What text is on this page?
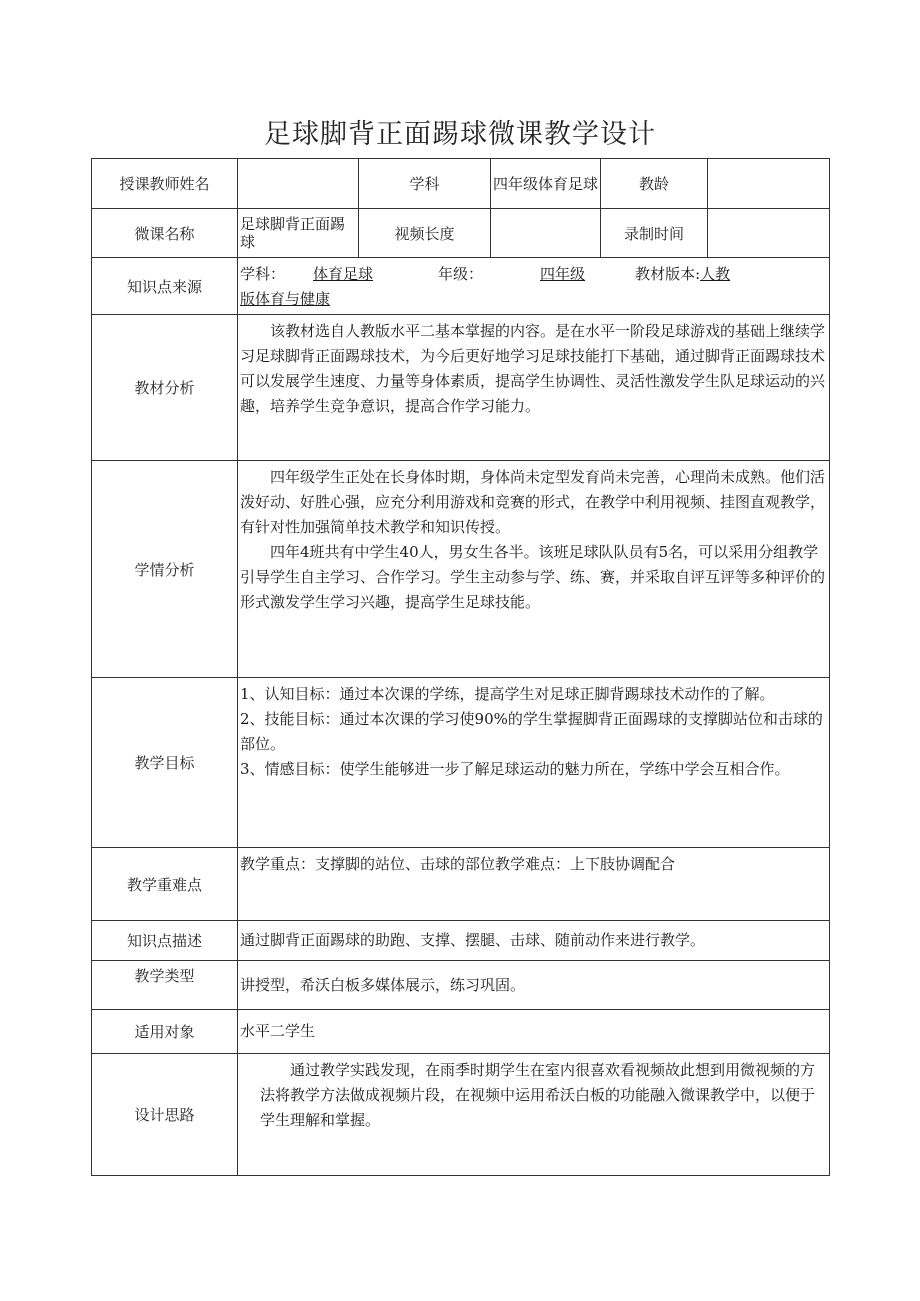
足球脚背正面踢球微课教学设计
授课教师姓名		学科	四年级体育足球	教龄	
微课名称	足球脚背正面踢球	视频长度		录制时间	
知识点来源	学科： 体育足球 年级： 四年级 教材版本:人教
版体育与健康				

教材分析	该教材选自人教版水平二基本掌握的内容。是在水平一阶段足球游戏的基础上继续学习足球脚背正面踢球技术，为今后更好地学习足球技能打下基础，通过脚背正面踢球技术可以发展学生速度、力量等身体素质，提高学生协调性、灵活性激发学生队足球运动的兴趣，培养学生竞争意识，提高合作学习能力。				

学情分析	四年级学生正处在长身体时期，身体尚未定型发育尚未完善，心理尚未成熟。他们活泼好动、好胜心强，应充分利用游戏和竞赛的形式，在教学中利用视频、挂图直观教学，有针对性加强简单技术教学和知识传授。

四年4班共有中学生40人，男女生各半。该班足球队队员有5名，可以采用分组教学引导学生自主学习、合作学习。学生主动参与学、练、赛，并采取自评互评等多种评价的形式激发学生学习兴趣，提高学生足球技能。				

教学目标	1、认知目标：通过本次课的学练，提高学生对足球正脚背踢球技术动作的了解。

2、技能目标：通过本次课的学习使90%的学生掌握脚背正面踢球的支撑脚站位和击球的部位。

3、情感目标：使学生能够进一步了解足球运动的魅力所在，学练中学会互相合作。				

教学重难点	教学重点：支撑脚的站位、击球的部位教学难点：上下肢协调配合				

知识点描述	通过脚背正面踢球的助跑、支撑、摆腿、击球、随前动作来进行教学。				

教学类型	讲授型，希沃白板多媒体展示，练习巩固。				

适用对象	水平二学生				

设计思路	通过教学实践发现，在雨季时期学生在室内很喜欢看视频故此想到用微视频的方法将教学方法做成视频片段，在视频中运用希沃白板的功能融入微课教学中，以便于学生理解和掌握。				
